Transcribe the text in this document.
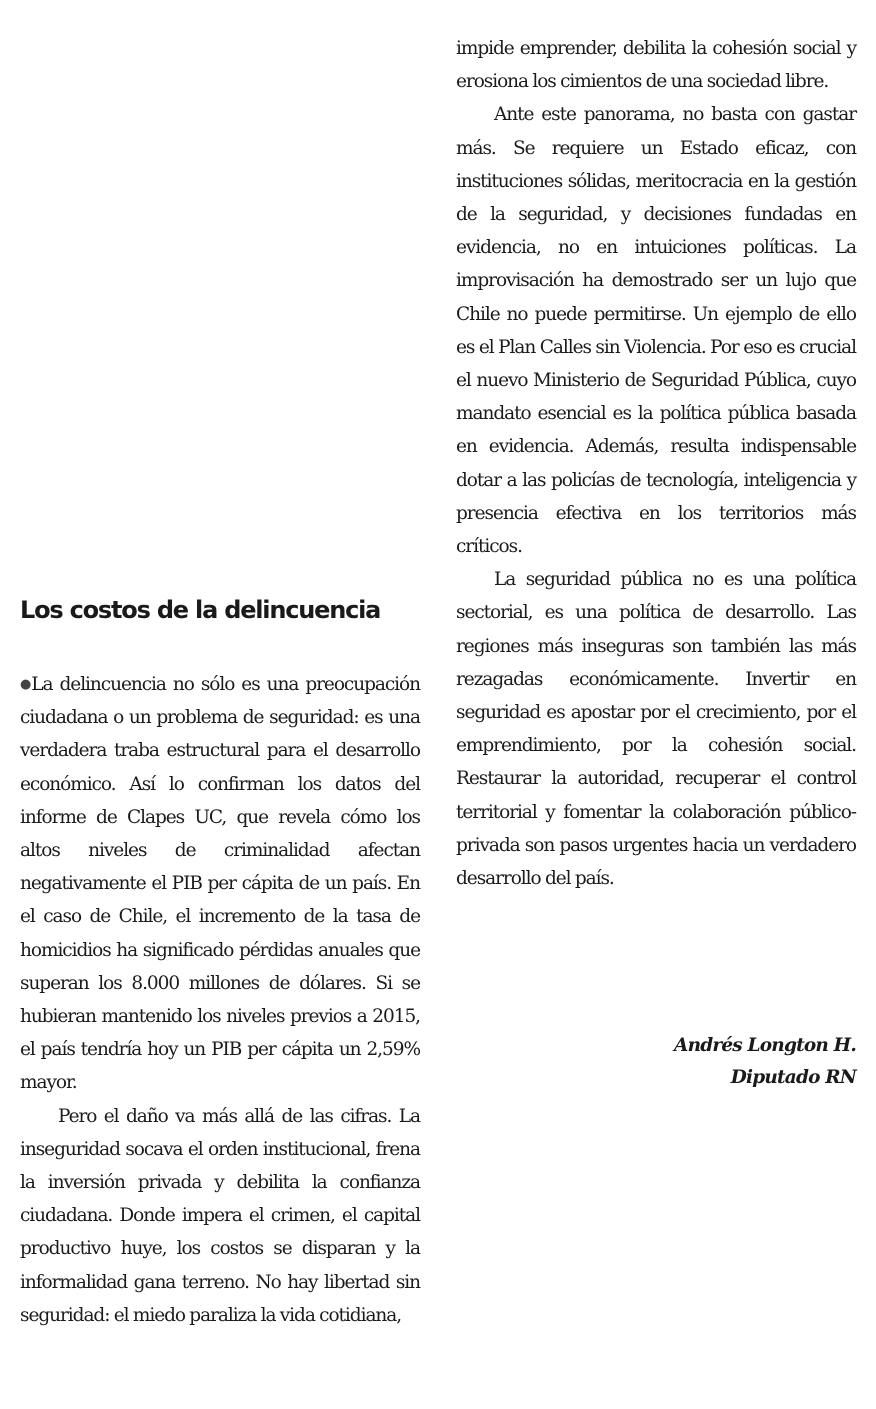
impide emprender, debilita la cohesión social y erosiona los cimientos de una sociedad libre.

Ante este panorama, no basta con gastar más. Se requiere un Estado eficaz, con instituciones sólidas, meritocracia en la gestión de la seguridad, y decisiones fundadas en evidencia, no en intuiciones políticas. La improvisación ha demostrado ser un lujo que Chile no puede permitirse. Un ejemplo de ello es el Plan Calles sin Violencia. Por eso es crucial el nuevo Ministerio de Seguridad Pública, cuyo mandato esencial es la política pública basada en evidencia. Además, resulta indispensable dotar a las policías de tecnología, inteligencia y presencia efectiva en los territorios más críticos.

La seguridad pública no es una política sectorial, es una política de desarrollo. Las regiones más inseguras son también las más rezagadas económicamente. Invertir en seguridad es apostar por el crecimiento, por el emprendimiento, por la cohesión social. Restaurar la autoridad, recuperar el control territorial y fomentar la colaboración público-privada son pasos urgentes hacia un verdadero desarrollo del país.

Los costos de la delincuencia

●La delincuencia no sólo es una preocupación ciudadana o un problema de seguridad: es una verdadera traba estructural para el desarrollo económico. Así lo confirman los datos del informe de Clapes UC, que revela cómo los altos niveles de criminalidad afectan negativamente el PIB per cápita de un país. En el caso de Chile, el incremento de la tasa de homicidios ha significado pérdidas anuales que superan los 8.000 millones de dólares. Si se hubieran mantenido los niveles previos a 2015, el país tendría hoy un PIB per cápita un 2,59% mayor.

Pero el daño va más allá de las cifras. La inseguridad socava el orden institucional, frena la inversión privada y debilita la confianza ciudadana. Donde impera el crimen, el capital productivo huye, los costos se disparan y la informalidad gana terreno. No hay libertad sin seguridad: el miedo paraliza la vida cotidiana,

Andrés Longton H.
Diputado RN
